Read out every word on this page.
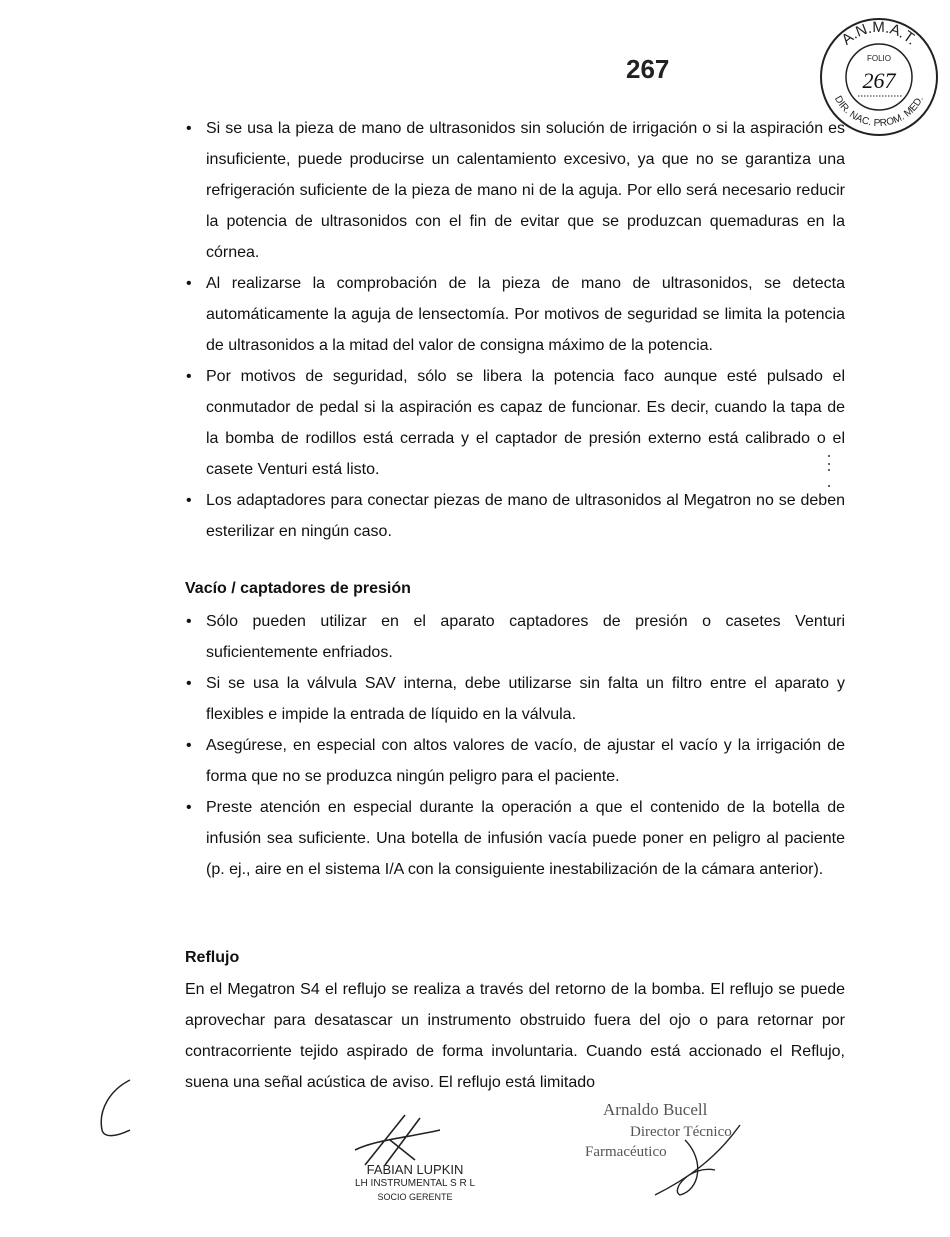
267
A.N.M.A.T.
DIR. NAC. PROM. MED.
FOLIO
267
• Si se usa la pieza de mano de ultrasonidos sin solución de irrigación o si la aspiración es insuficiente, puede producirse un calentamiento excesivo, ya que no se garantiza una refrigeración suficiente de la pieza de mano ni de la aguja. Por ello será necesario reducir la potencia de ultrasonidos con el fin de evitar que se produzcan quemaduras en la córnea.
• Al realizarse la comprobación de la pieza de mano de ultrasonidos, se detecta automáticamente la aguja de lensectomía. Por motivos de seguridad se limita la potencia de ultrasonidos a la mitad del valor de consigna máximo de la potencia.
• Por motivos de seguridad, sólo se libera la potencia faco aunque esté pulsado el conmutador de pedal si la aspiración es capaz de funcionar. Es decir, cuando la tapa de la bomba de rodillos está cerrada y el captador de presión externo está calibrado o el casete Venturi está listo.
• Los adaptadores para conectar piezas de mano de ultrasonidos al Megatron no se deben esterilizar en ningún caso.
Vacío / captadores de presión
• Sólo pueden utilizar en el aparato captadores de presión o casetes Venturi suficientemente enfriados.
• Si se usa la válvula SAV interna, debe utilizarse sin falta un filtro entre el aparato y flexibles e impide la entrada de líquido en la válvula.
• Asegúrese, en especial con altos valores de vacío, de ajustar el vacío y la irrigación de forma que no se produzca ningún peligro para el paciente.
• Preste atención en especial durante la operación a que el contenido de la botella de infusión sea suficiente. Una botella de infusión vacía puede poner en peligro al paciente (p. ej., aire en el sistema I/A con la consiguiente inestabilización de la cámara anterior).
Reflujo

En el Megatron S4 el reflujo se realiza a través del retorno de la bomba. El reflujo se puede aprovechar para desatascar un instrumento obstruido fuera del ojo o para retornar por contracorriente tejido aspirado de forma involuntaria. Cuando está accionado el Reflujo, suena una señal acústica de aviso. El reflujo está limitado

FABIAN LUPKIN
LH INSTRUMENTAL S R L
SOCIO GERENTE
Arnaldo Bucell
Director Técnico
Farmacéutico
